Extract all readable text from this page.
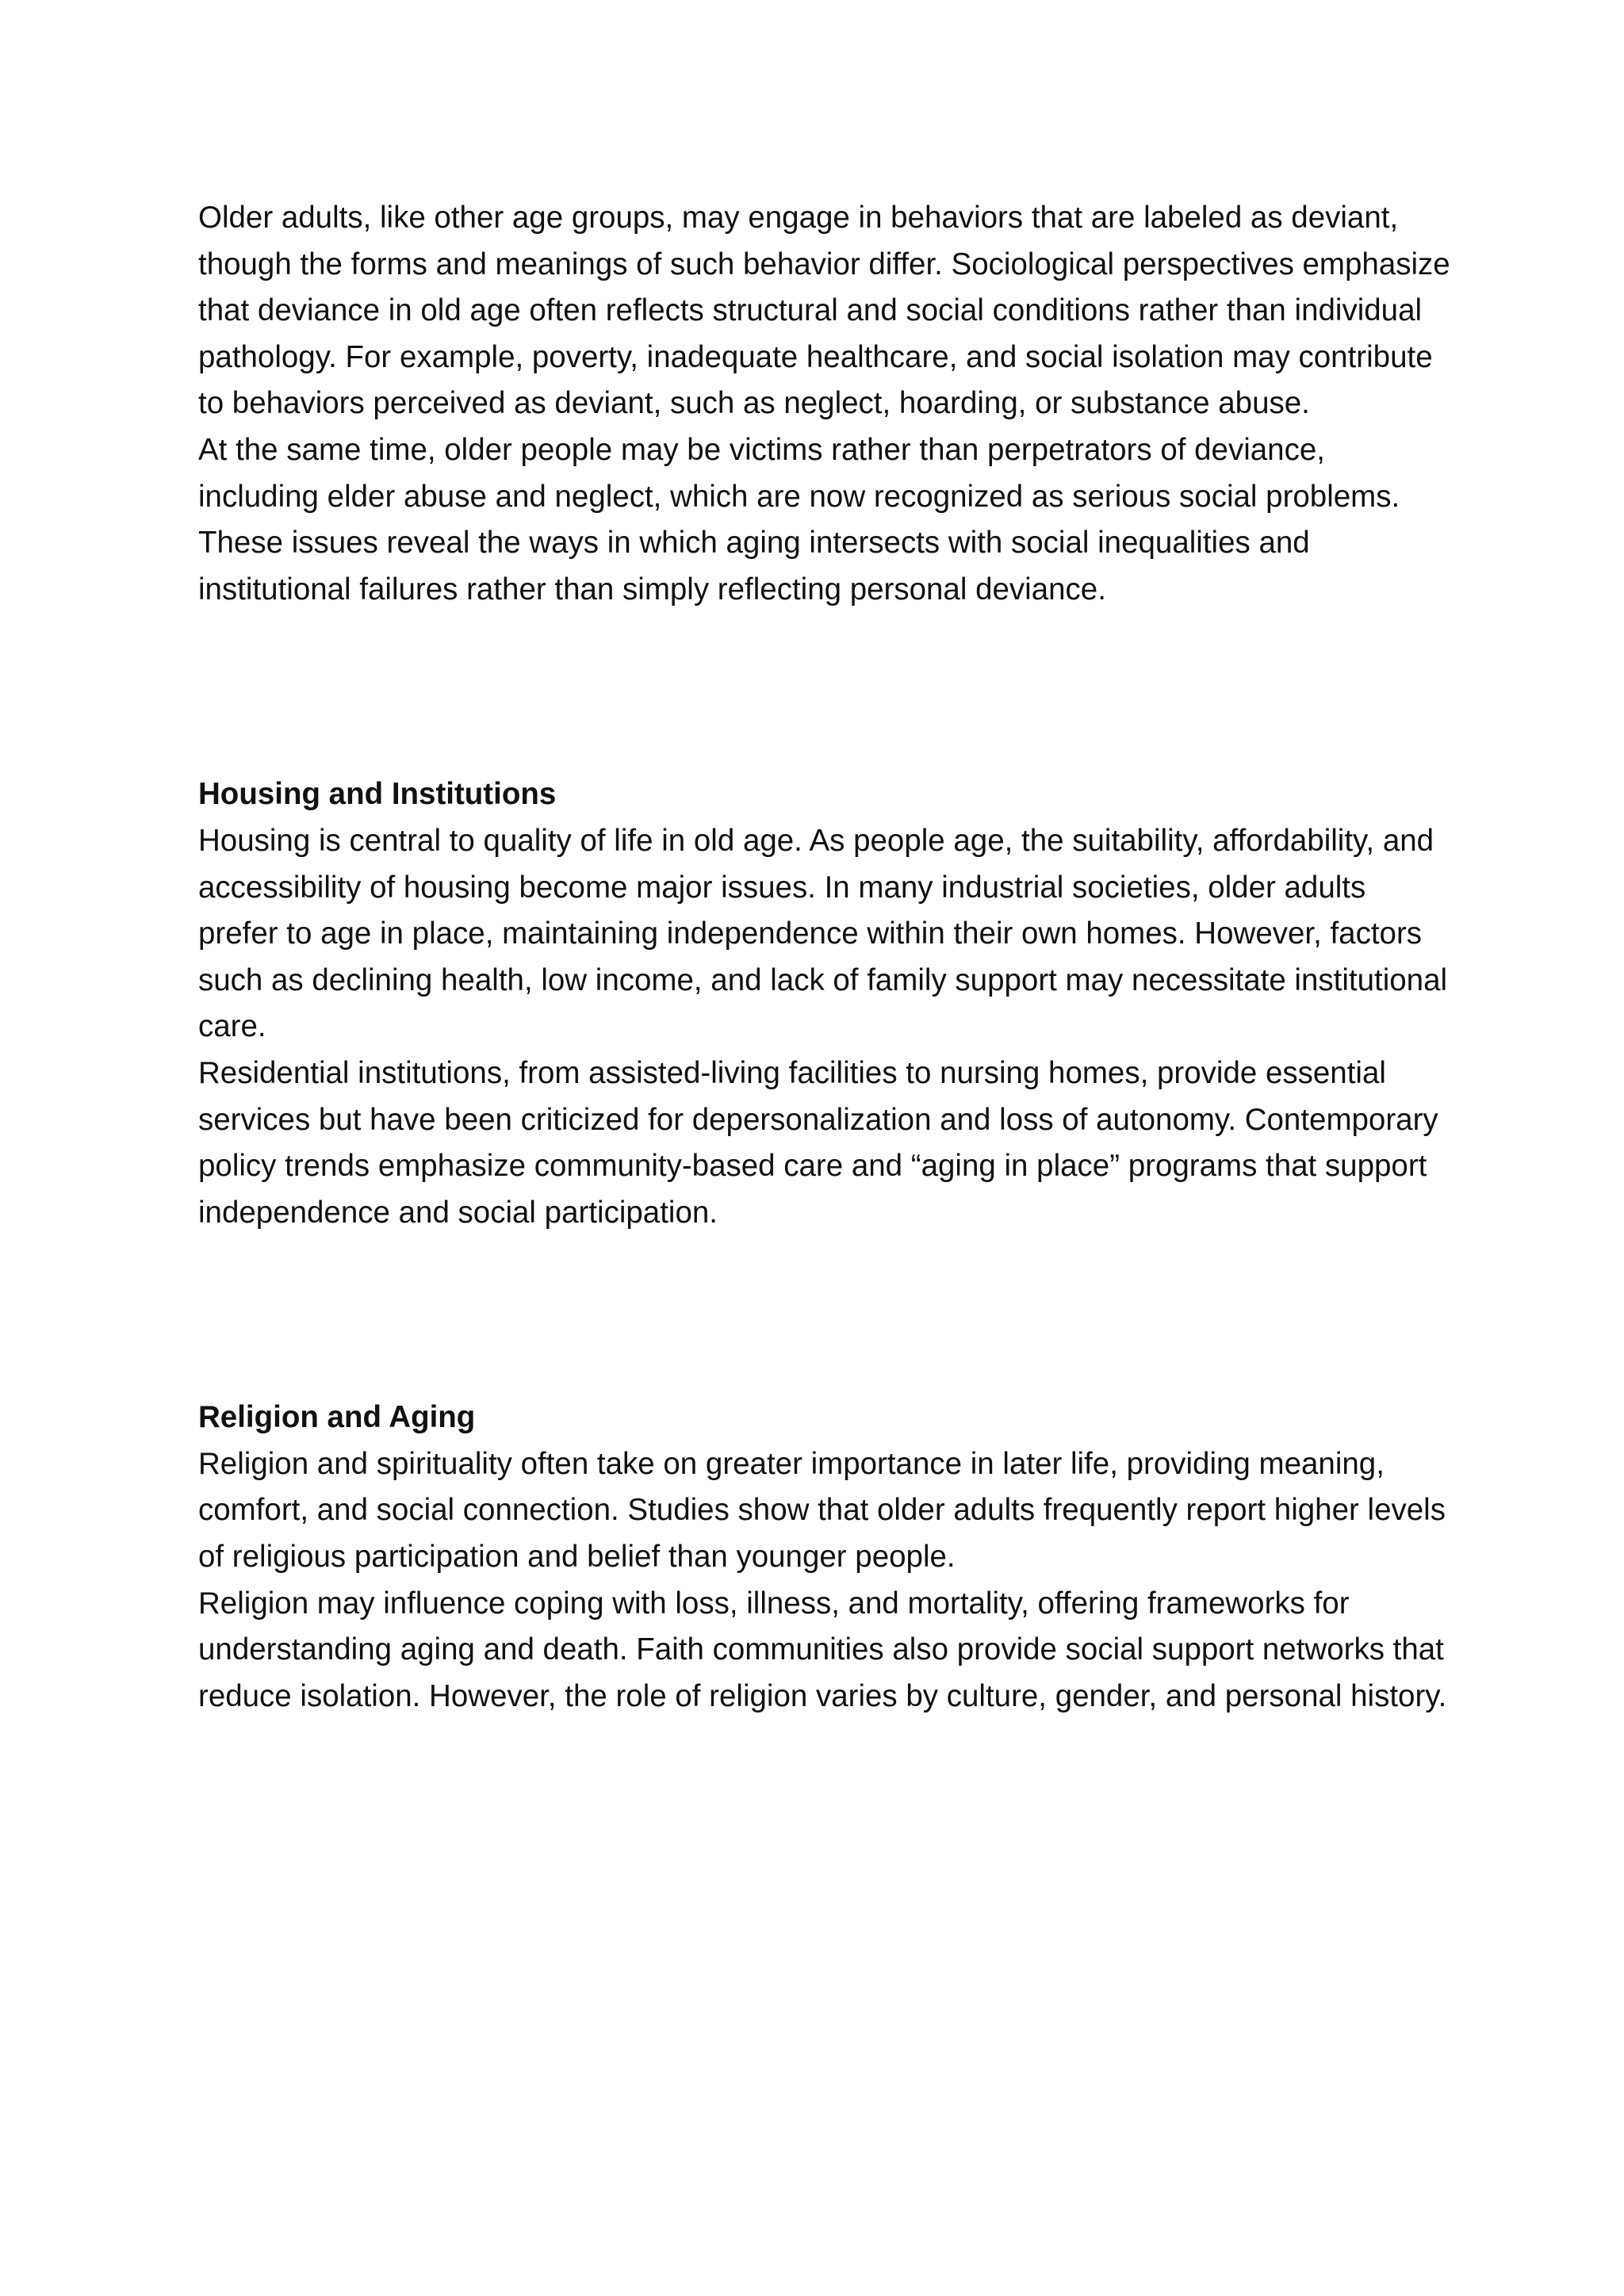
Older adults, like other age groups, may engage in behaviors that are labeled as deviant, though the forms and meanings of such behavior differ. Sociological perspectives emphasize that deviance in old age often reflects structural and social conditions rather than individual pathology. For example, poverty, inadequate healthcare, and social isolation may contribute to behaviors perceived as deviant, such as neglect, hoarding, or substance abuse.

At the same time, older people may be victims rather than perpetrators of deviance, including elder abuse and neglect, which are now recognized as serious social problems. These issues reveal the ways in which aging intersects with social inequalities and institutional failures rather than simply reflecting personal deviance.

Housing and Institutions

Housing is central to quality of life in old age. As people age, the suitability, affordability, and accessibility of housing become major issues. In many industrial societies, older adults prefer to age in place, maintaining independence within their own homes. However, factors such as declining health, low income, and lack of family support may necessitate institutional care.

Residential institutions, from assisted-living facilities to nursing homes, provide essential services but have been criticized for depersonalization and loss of autonomy. Contemporary policy trends emphasize community-based care and “aging in place” programs that support independence and social participation.

Religion and Aging

Religion and spirituality often take on greater importance in later life, providing meaning, comfort, and social connection. Studies show that older adults frequently report higher levels of religious participation and belief than younger people.

Religion may influence coping with loss, illness, and mortality, offering frameworks for understanding aging and death. Faith communities also provide social support networks that reduce isolation. However, the role of religion varies by culture, gender, and personal history.
